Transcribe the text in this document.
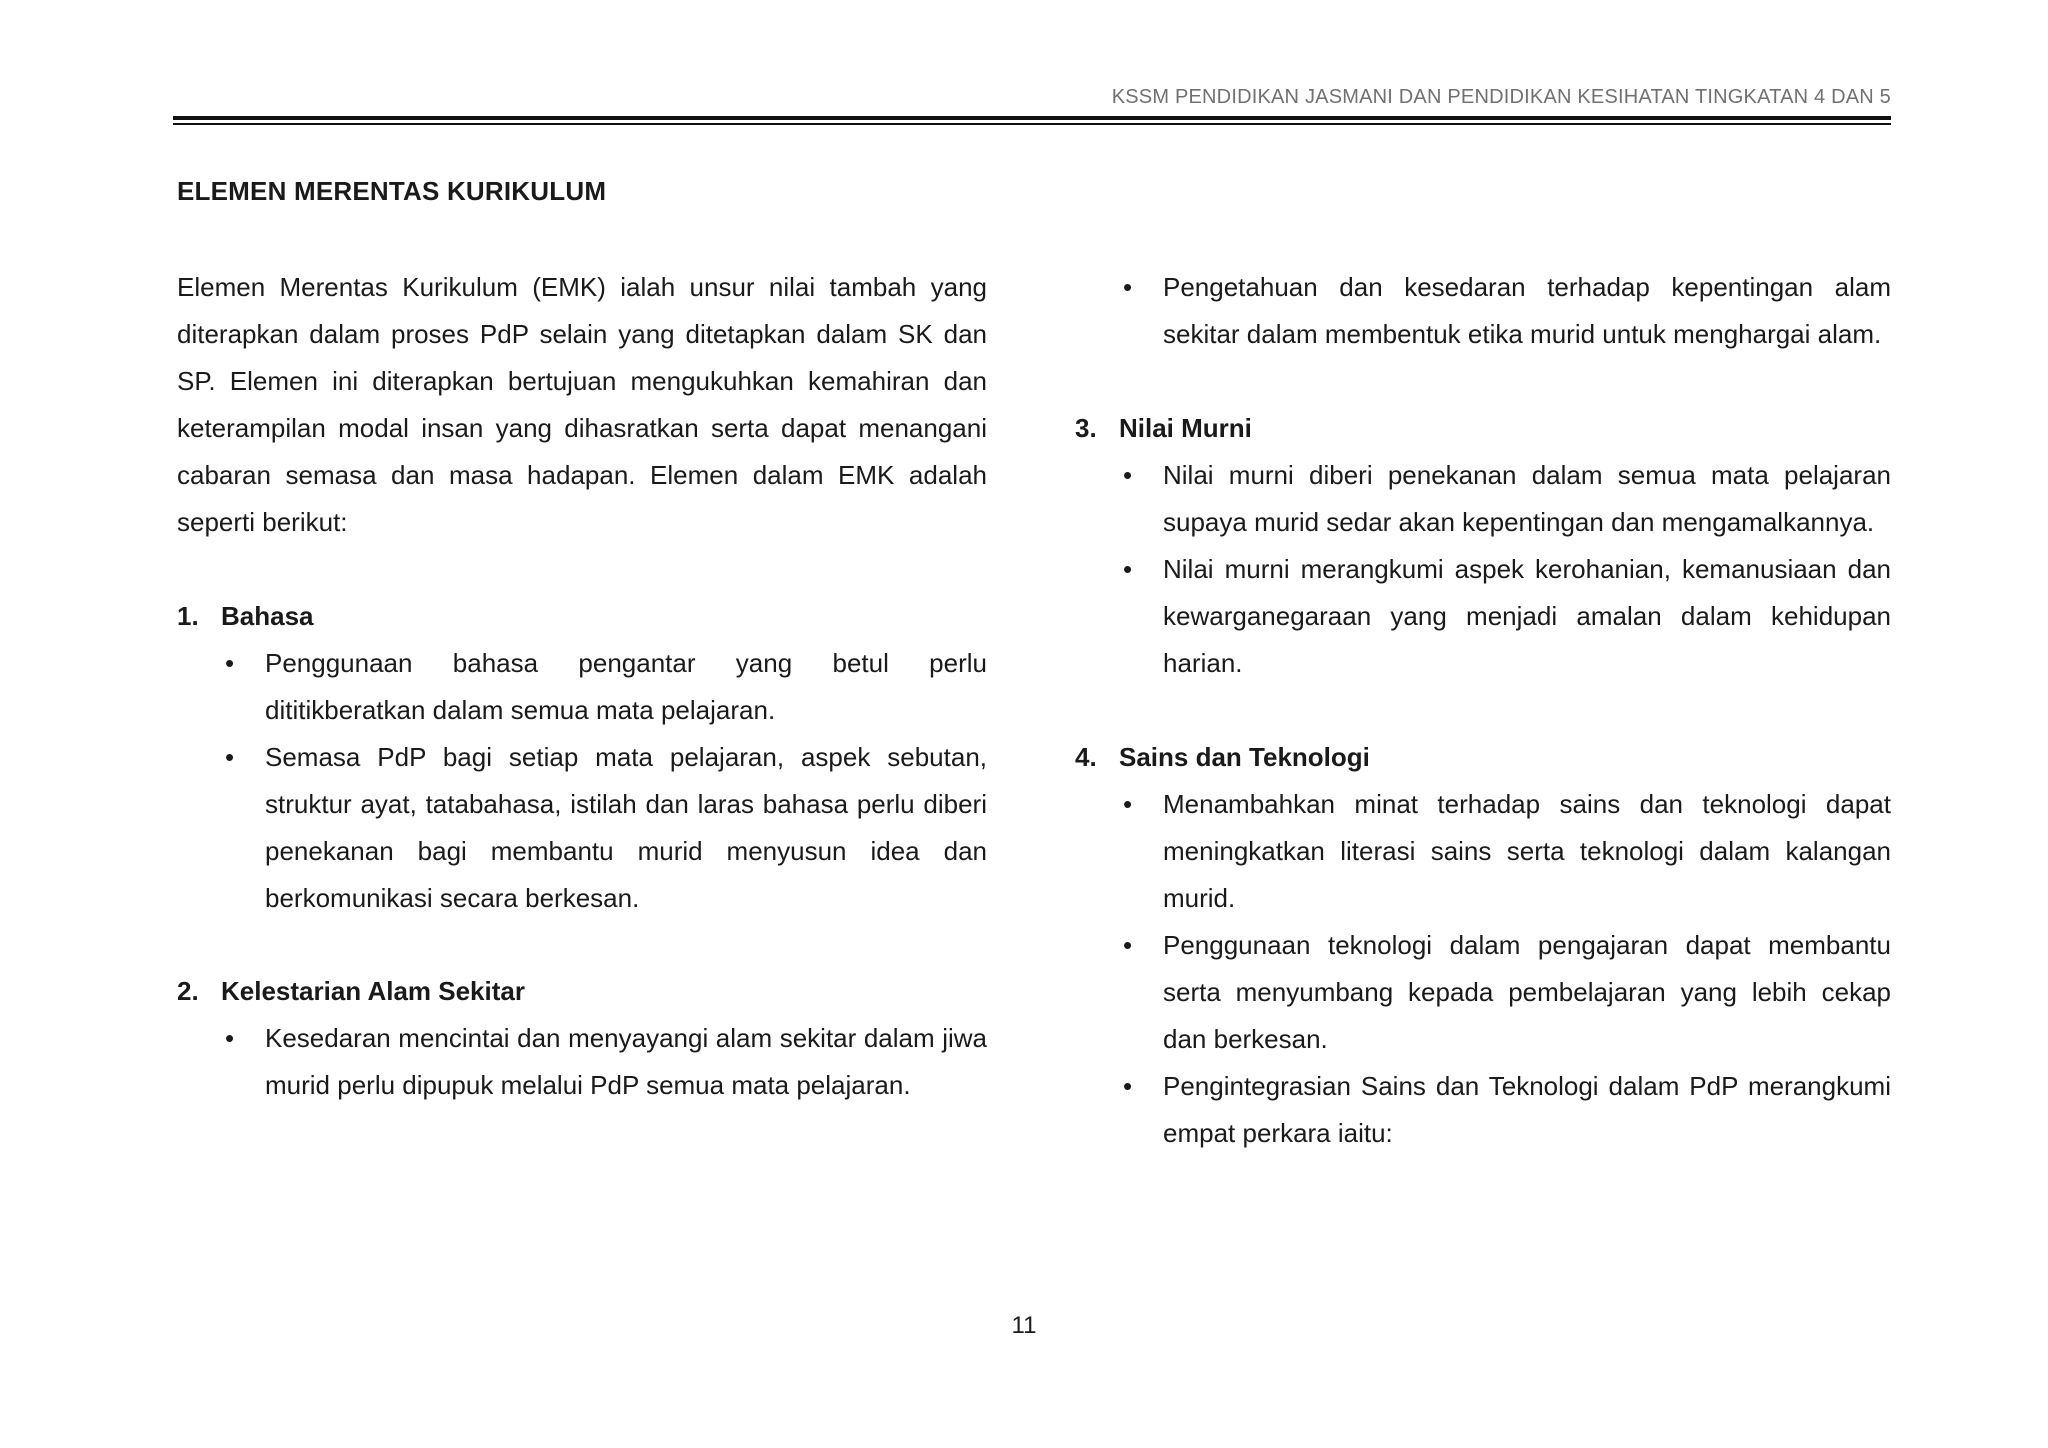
KSSM PENDIDIKAN JASMANI DAN PENDIDIKAN KESIHATAN TINGKATAN 4 DAN 5
ELEMEN MERENTAS KURIKULUM

Elemen Merentas Kurikulum (EMK) ialah unsur nilai tambah yang diterapkan dalam proses PdP selain yang ditetapkan dalam SK dan SP. Elemen ini diterapkan bertujuan mengukuhkan kemahiran dan keterampilan modal insan yang dihasratkan serta dapat menangani cabaran semasa dan masa hadapan. Elemen dalam EMK adalah seperti berikut:

1. Bahasa
•	Penggunaan bahasa pengantar yang betul perlu dititikberatkan dalam semua mata pelajaran.
•	Semasa PdP bagi setiap mata pelajaran, aspek sebutan, struktur ayat, tatabahasa, istilah dan laras bahasa perlu diberi penekanan bagi membantu murid menyusun idea dan berkomunikasi secara berkesan.
2. Kelestarian Alam Sekitar
•	Kesedaran mencintai dan menyayangi alam sekitar dalam jiwa murid perlu dipupuk melalui PdP semua mata pelajaran.
•	Pengetahuan dan kesedaran terhadap kepentingan alam sekitar dalam membentuk etika murid untuk menghargai alam.
3. Nilai Murni
•	Nilai murni diberi penekanan dalam semua mata pelajaran supaya murid sedar akan kepentingan dan mengamalkannya.
•	Nilai murni merangkumi aspek kerohanian, kemanusiaan dan kewarganegaraan yang menjadi amalan dalam kehidupan harian.
4. Sains dan Teknologi
•	Menambahkan minat terhadap sains dan teknologi dapat meningkatkan literasi sains serta teknologi dalam kalangan murid.
•	Penggunaan teknologi dalam pengajaran dapat membantu serta menyumbang kepada pembelajaran yang lebih cekap dan berkesan.
•	Pengintegrasian Sains dan Teknologi dalam PdP merangkumi empat perkara iaitu:
11
